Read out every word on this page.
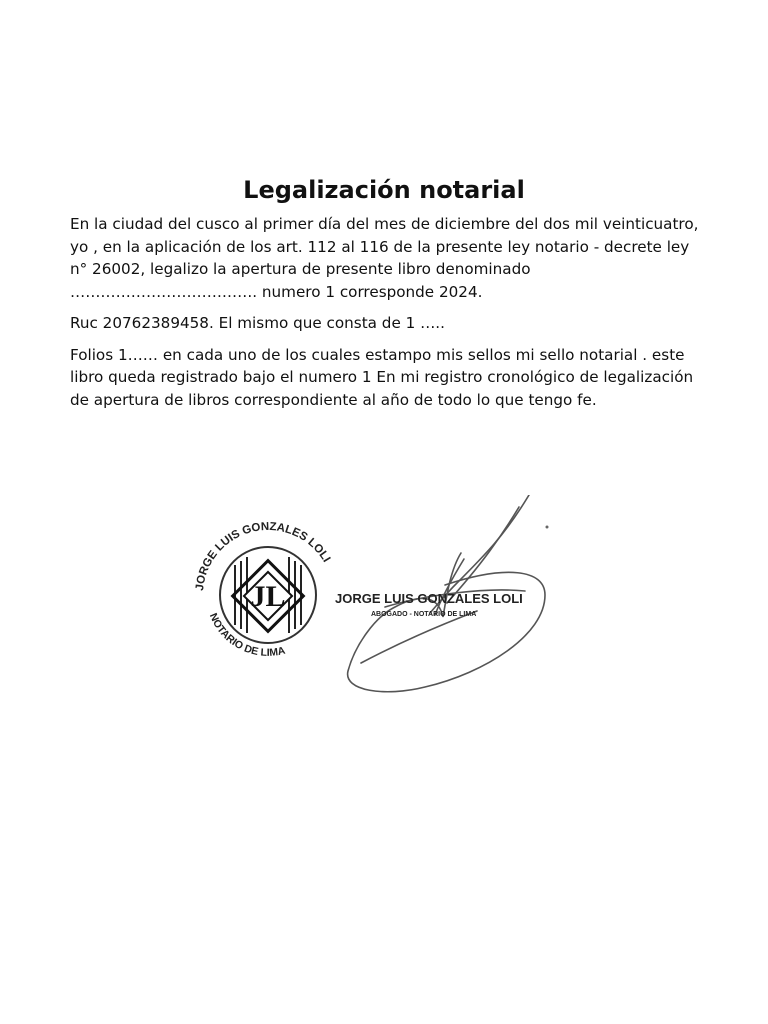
Legalización notarial

En la ciudad del cusco al primer día del mes de diciembre del dos mil veinticuatro, yo , en la aplicación de los art. 112 al 116 de la presente ley notario - decrete ley n° 26002, legalizo la apertura de presente libro denominado ………………………………. numero 1 corresponde 2024.

Ruc 20762389458. El mismo que consta de 1 …..

Folios 1…… en cada uno de los cuales estampo mis sellos mi sello notarial . este libro queda registrado bajo el numero 1 En mi registro cronológico de legalización de apertura de libros correspondiente al año de todo lo que tengo fe.

JL
JORGE LUIS GONZALES LOLI
NOTARIO DE LIMA
JORGE LUIS GONZALES LOLI
ABOGADO - NOTARIO DE LIMA
